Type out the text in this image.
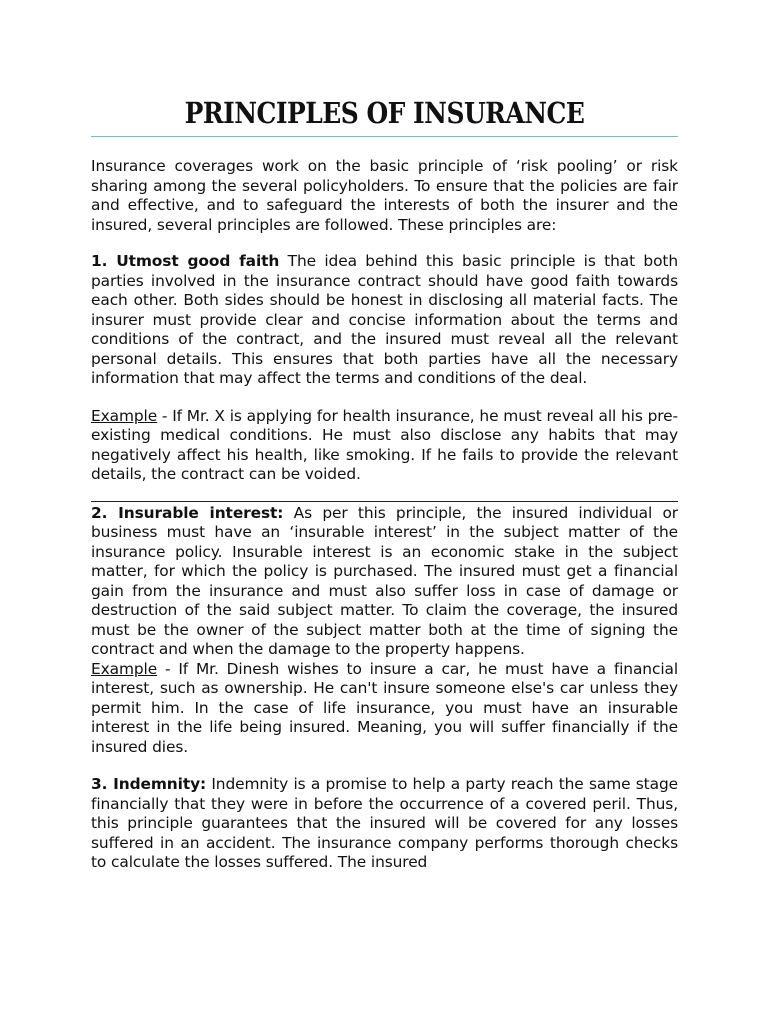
PRINCIPLES OF INSURANCE

Insurance coverages work on the basic principle of ‘risk pooling’ or risk sharing among the several policyholders. To ensure that the policies are fair and effective, and to safeguard the interests of both the insurer and the insured, several principles are followed. These principles are:

1. Utmost good faith The idea behind this basic principle is that both parties involved in the insurance contract should have good faith towards each other. Both sides should be honest in disclosing all material facts. The insurer must provide clear and concise information about the terms and conditions of the contract, and the insured must reveal all the relevant personal details. This ensures that both parties have all the necessary information that may affect the terms and conditions of the deal.

Example - If Mr. X is applying for health insurance, he must reveal all his pre-existing medical conditions. He must also disclose any habits that may negatively affect his health, like smoking. If he fails to provide the relevant details, the contract can be voided.

2. Insurable interest: As per this principle, the insured individual or business must have an ‘insurable interest’ in the subject matter of the insurance policy. Insurable interest is an economic stake in the subject matter, for which the policy is purchased. The insured must get a financial gain from the insurance and must also suffer loss in case of damage or destruction of the said subject matter. To claim the coverage, the insured must be the owner of the subject matter both at the time of signing the contract and when the damage to the property happens.

Example - If Mr. Dinesh wishes to insure a car, he must have a financial interest, such as ownership. He can't insure someone else's car unless they permit him. In the case of life insurance, you must have an insurable interest in the life being insured. Meaning, you will suffer financially if the insured dies.

3. Indemnity: Indemnity is a promise to help a party reach the same stage financially that they were in before the occurrence of a covered peril. Thus, this principle guarantees that the insured will be covered for any losses suffered in an accident. The insurance company performs thorough checks to calculate the losses suffered. The insured
